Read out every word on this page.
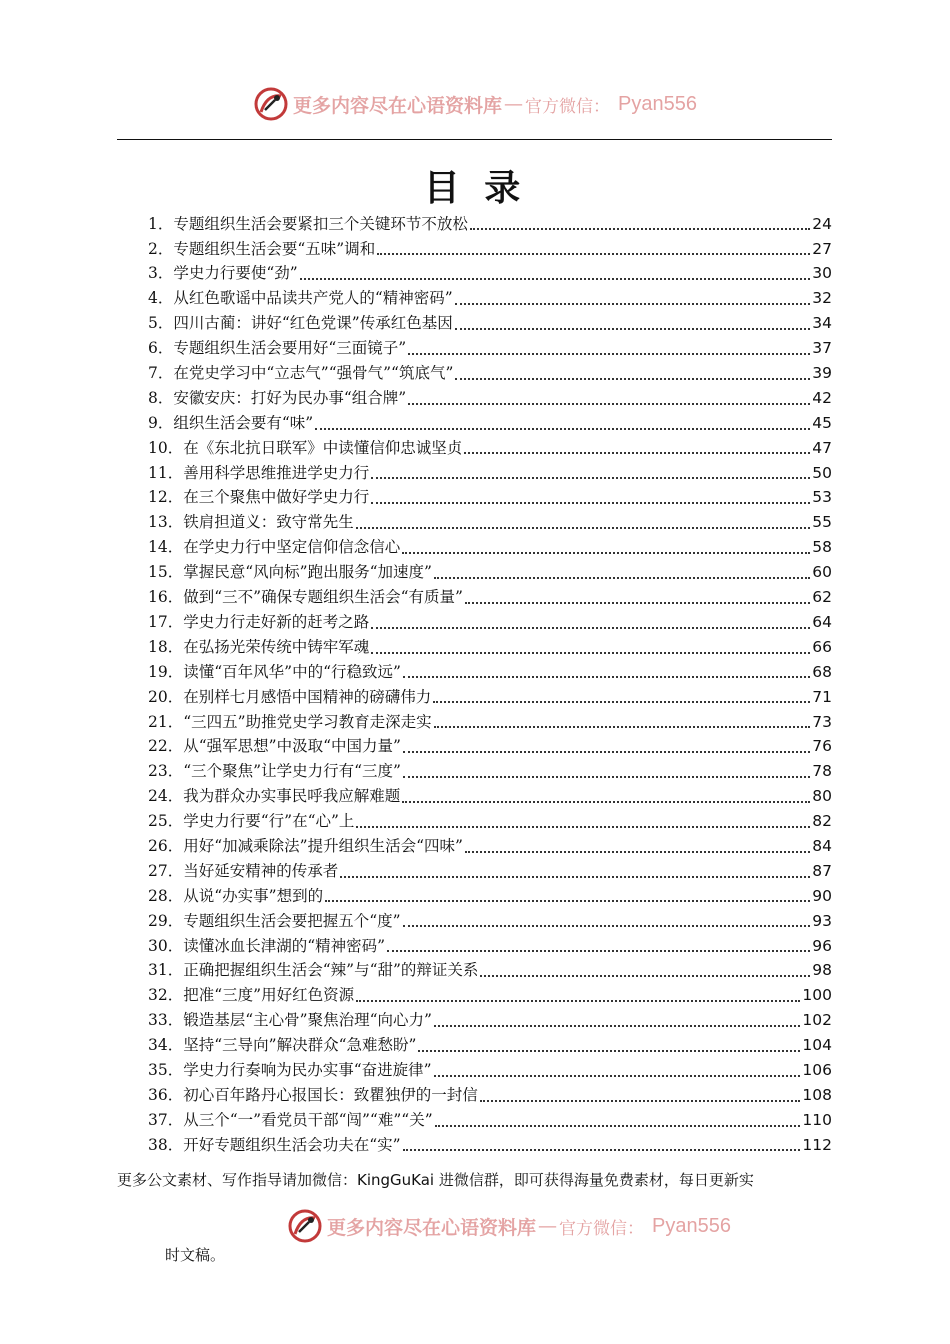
更多内容尽在心语资料库 — 官方微信： Pyan556
目 录
1．专题组织生活会要紧扣三个关键环节不放松	24
2．专题组织生活会要“五味”调和	27
3．学史力行要使“劲”	30
4．从红色歌谣中品读共产党人的“精神密码”	32
5．四川古蔺：讲好“红色党课”传承红色基因	34
6．专题组织生活会要用好“三面镜子”	37
7．在党史学习中“立志气”“强骨气”“筑底气”	39
8．安徽安庆：打好为民办事“组合牌”	42
9．组织生活会要有“味”	45
10．在《东北抗日联军》中读懂信仰忠诚坚贞	47
11．善用科学思维推进学史力行	50
12．在三个聚焦中做好学史力行	53
13．铁肩担道义：致守常先生	55
14．在学史力行中坚定信仰信念信心	58
15．掌握民意“风向标”跑出服务“加速度”	60
16．做到“三不”确保专题组织生活会“有质量”	62
17．学史力行走好新的赶考之路	64
18．在弘扬光荣传统中铸牢军魂	66
19．读懂“百年风华”中的“行稳致远”	68
20．在别样七月感悟中国精神的磅礴伟力	71
21．“三四五”助推党史学习教育走深走实	73
22．从“强军思想”中汲取“中国力量”	76
23．“三个聚焦”让学史力行有“三度”	78
24．我为群众办实事民呼我应解难题	80
25．学史力行要“行”在“心”上	82
26．用好“加减乘除法”提升组织生活会“四味”	84
27．当好延安精神的传承者	87
28．从说“办实事”想到的	90
29．专题组织生活会要把握五个“度”	93
30．读懂冰血长津湖的“精神密码”	96
31．正确把握组织生活会“辣”与“甜”的辩证关系	98
32．把准“三度”用好红色资源	100
33．锻造基层“主心骨”聚焦治理“向心力”	102
34．坚持“三导向”解决群众“急难愁盼”	104
35．学史力行奏响为民办实事“奋进旋律”	106
36．初心百年路丹心报国长：致瞿独伊的一封信	108
37．从三个“一”看党员干部“闯”“难”“关”	110
38．开好专题组织生活会功夫在“实”	112
更多公文素材、写作指导请加微信：KingGuKai 进微信群，即可获得海量免费素材，每日更新实
更多内容尽在心语资料库 — 官方微信： Pyan556
时文稿。
